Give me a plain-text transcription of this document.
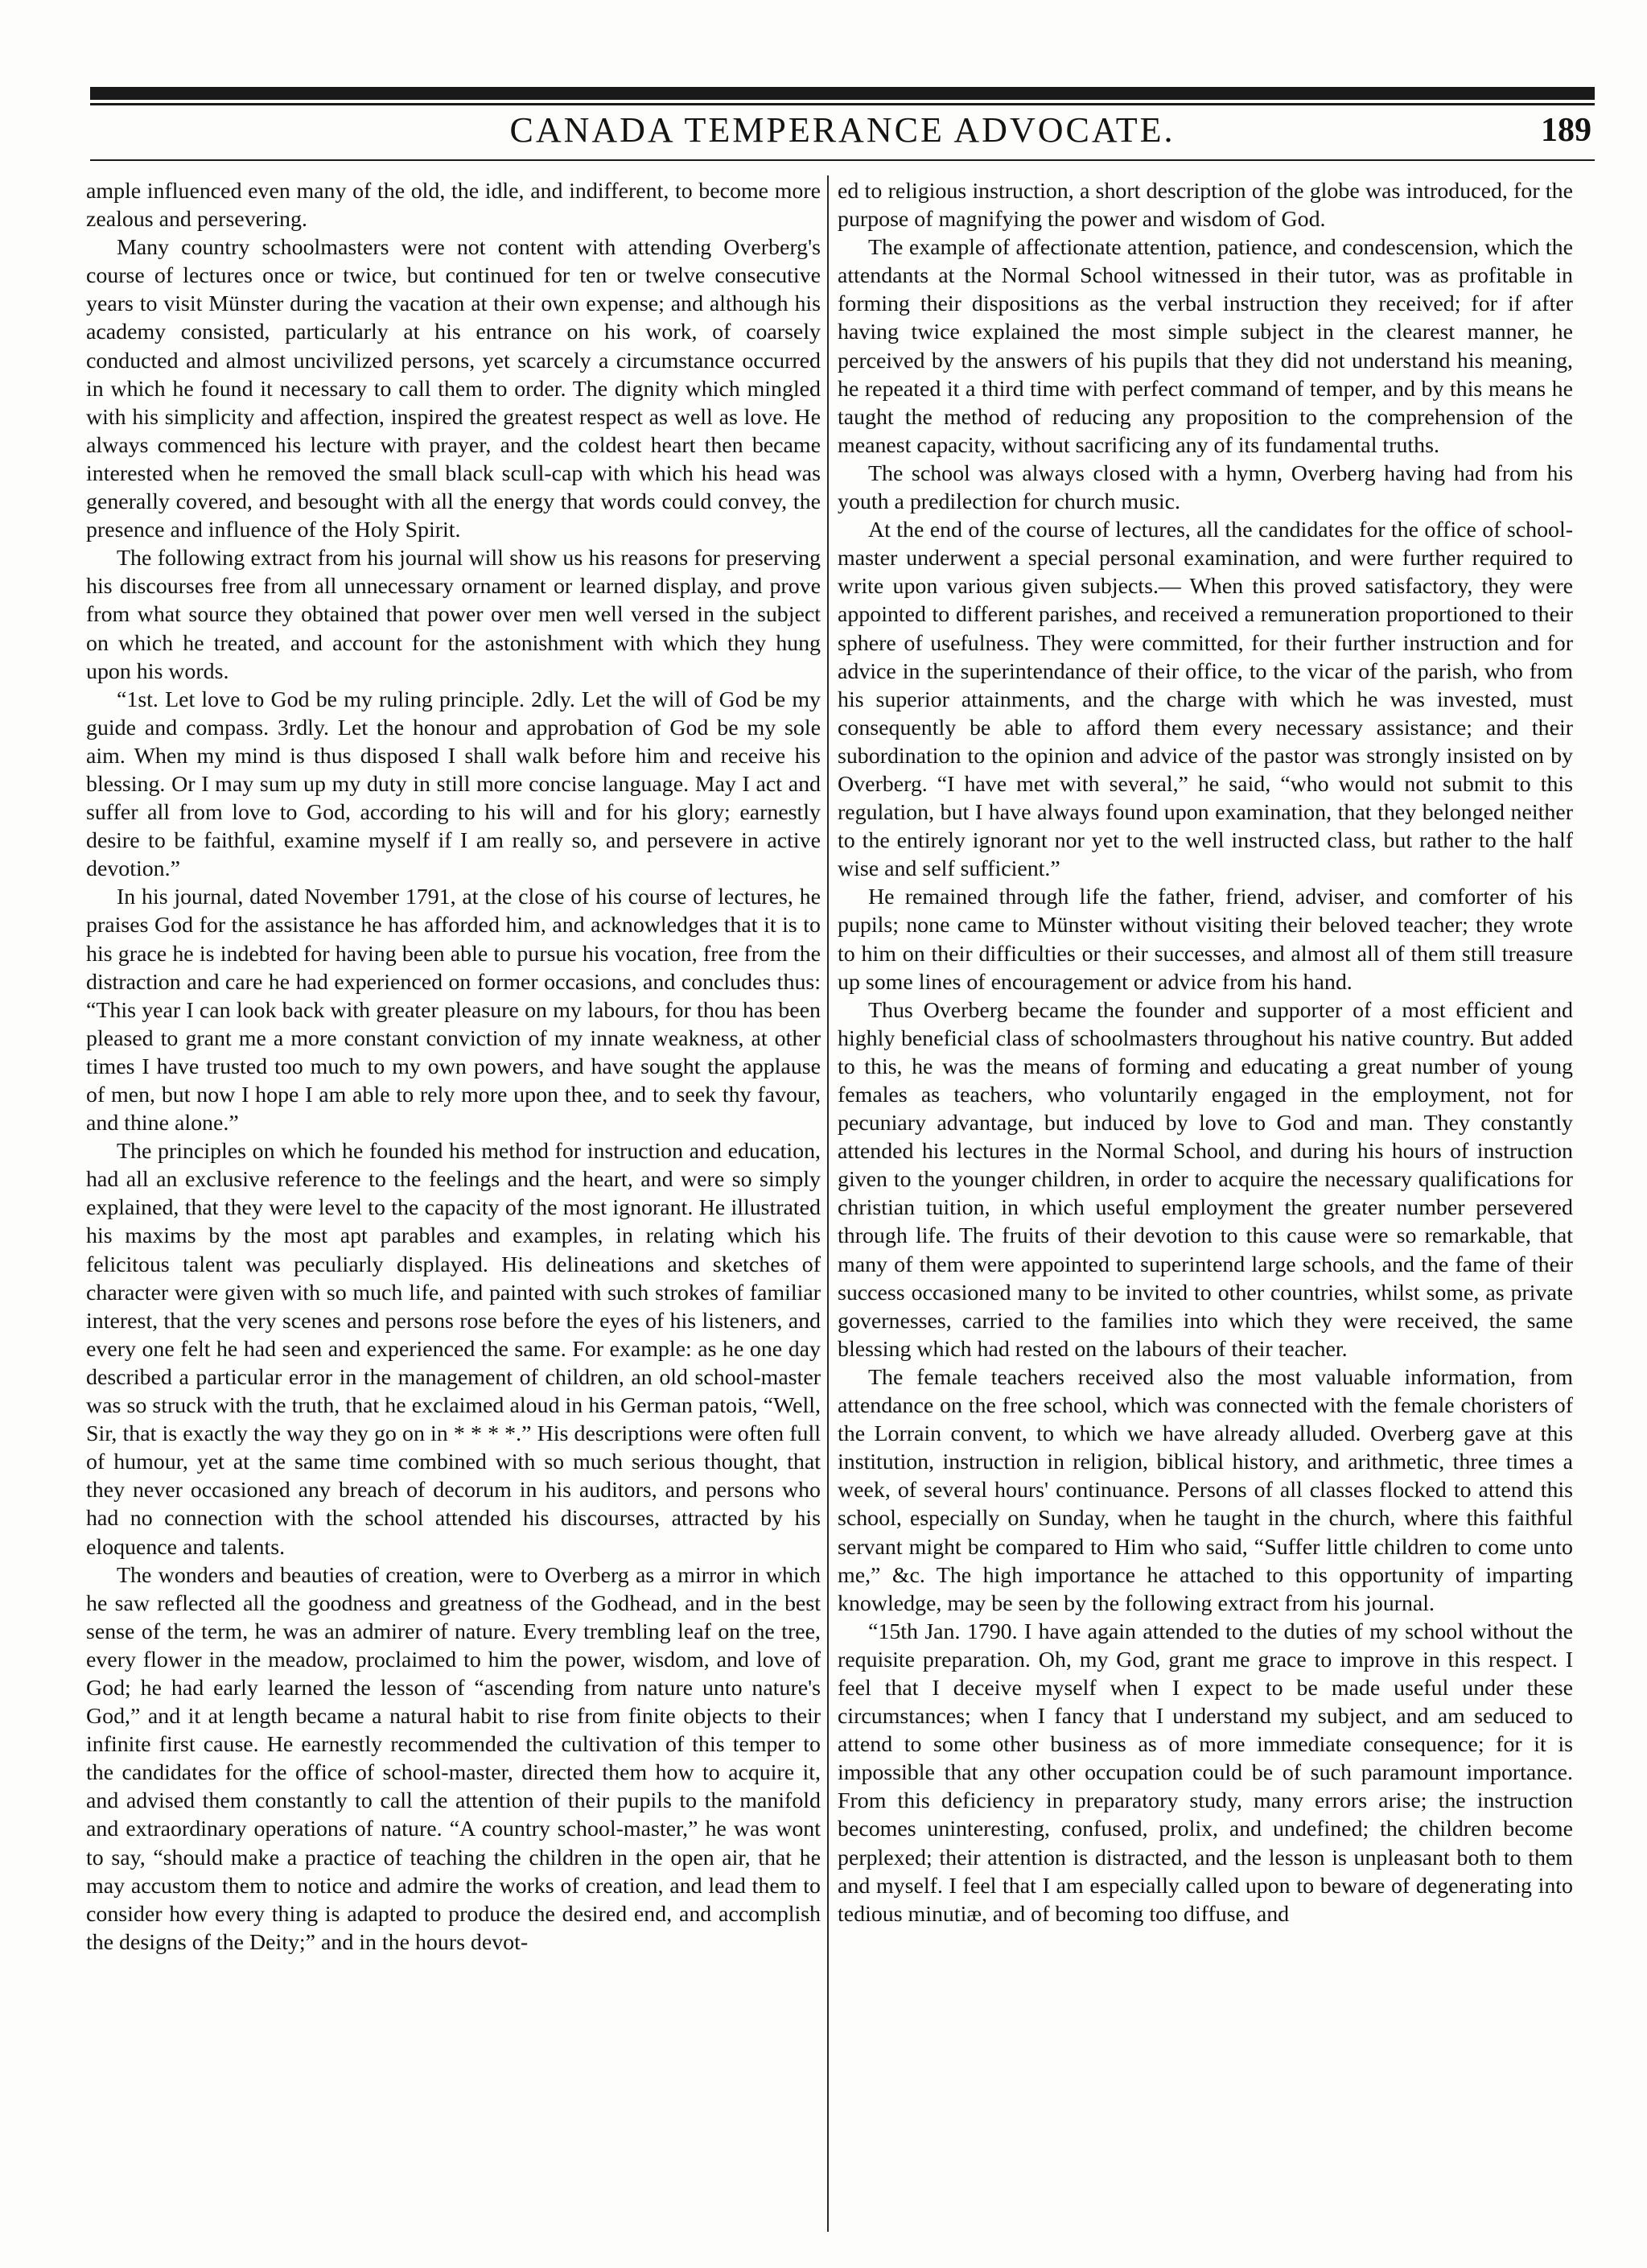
CANADA TEMPERANCE ADVOCATE.	189

ample influenced even many of the old, the idle, and indifferent, to become more zealous and persevering.

Many country schoolmasters were not content with attending Overberg's course of lectures once or twice, but continued for ten or twelve consecutive years to visit Münster during the vacation at their own expense; and although his academy consisted, particularly at his entrance on his work, of coarsely conducted and almost uncivilized persons, yet scarcely a circumstance occurred in which he found it necessary to call them to order. The dignity which mingled with his simplicity and affection, inspired the greatest respect as well as love. He always commenced his lecture with prayer, and the coldest heart then became interested when he removed the small black scull-cap with which his head was generally covered, and besought with all the energy that words could convey, the presence and influence of the Holy Spirit.

The following extract from his journal will show us his reasons for preserving his discourses free from all unnecessary ornament or learned display, and prove from what source they obtained that power over men well versed in the subject on which he treated, and account for the astonishment with which they hung upon his words.

“1st. Let love to God be my ruling principle. 2dly. Let the will of God be my guide and compass. 3rdly. Let the honour and approbation of God be my sole aim. When my mind is thus disposed I shall walk before him and receive his blessing. Or I may sum up my duty in still more concise language. May I act and suffer all from love to God, according to his will and for his glory; earnestly desire to be faithful, examine myself if I am really so, and persevere in active devotion.”

In his journal, dated November 1791, at the close of his course of lectures, he praises God for the assistance he has afforded him, and acknowledges that it is to his grace he is indebted for having been able to pursue his vocation, free from the distraction and care he had experienced on former occasions, and concludes thus: “This year I can look back with greater pleasure on my labours, for thou has been pleased to grant me a more constant conviction of my innate weakness, at other times I have trusted too much to my own powers, and have sought the applause of men, but now I hope I am able to rely more upon thee, and to seek thy favour, and thine alone.”

The principles on which he founded his method for instruction and education, had all an exclusive reference to the feelings and the heart, and were so simply explained, that they were level to the capacity of the most ignorant. He illustrated his maxims by the most apt parables and examples, in relating which his felicitous talent was peculiarly displayed. His delineations and sketches of character were given with so much life, and painted with such strokes of familiar interest, that the very scenes and persons rose before the eyes of his listeners, and every one felt he had seen and experienced the same. For example: as he one day described a particular error in the management of children, an old school-master was so struck with the truth, that he exclaimed aloud in his German patois, “Well, Sir, that is exactly the way they go on in * * * *.” His descriptions were often full of humour, yet at the same time combined with so much serious thought, that they never occasioned any breach of decorum in his auditors, and persons who had no connection with the school attended his discourses, attracted by his eloquence and talents.

The wonders and beauties of creation, were to Overberg as a mirror in which he saw reflected all the goodness and greatness of the Godhead, and in the best sense of the term, he was an admirer of nature. Every trembling leaf on the tree, every flower in the meadow, proclaimed to him the power, wisdom, and love of God; he had early learned the lesson of “ascending from nature unto nature's God,” and it at length became a natural habit to rise from finite objects to their infinite first cause. He earnestly recommended the cultivation of this temper to the candidates for the office of school-master, directed them how to acquire it, and advised them constantly to call the attention of their pupils to the manifold and extraordinary operations of nature. “A country school-master,” he was wont to say, “should make a practice of teaching the children in the open air, that he may accustom them to notice and admire the works of creation, and lead them to consider how every thing is adapted to produce the desired end, and accomplish the designs of the Deity;” and in the hours devot-

ed to religious instruction, a short description of the globe was introduced, for the purpose of magnifying the power and wisdom of God.

The example of affectionate attention, patience, and condescension, which the attendants at the Normal School witnessed in their tutor, was as profitable in forming their dispositions as the verbal instruction they received; for if after having twice explained the most simple subject in the clearest manner, he perceived by the answers of his pupils that they did not understand his meaning, he repeated it a third time with perfect command of temper, and by this means he taught the method of reducing any proposition to the comprehension of the meanest capacity, without sacrificing any of its fundamental truths.

The school was always closed with a hymn, Overberg having had from his youth a predilection for church music.

At the end of the course of lectures, all the candidates for the office of school-master underwent a special personal examination, and were further required to write upon various given subjects.— When this proved satisfactory, they were appointed to different parishes, and received a remuneration proportioned to their sphere of usefulness. They were committed, for their further instruction and for advice in the superintendance of their office, to the vicar of the parish, who from his superior attainments, and the charge with which he was invested, must consequently be able to afford them every necessary assistance; and their subordination to the opinion and advice of the pastor was strongly insisted on by Overberg. “I have met with several,” he said, “who would not submit to this regulation, but I have always found upon examination, that they belonged neither to the entirely ignorant nor yet to the well instructed class, but rather to the half wise and self sufficient.”

He remained through life the father, friend, adviser, and comforter of his pupils; none came to Münster without visiting their beloved teacher; they wrote to him on their difficulties or their successes, and almost all of them still treasure up some lines of encouragement or advice from his hand.

Thus Overberg became the founder and supporter of a most efficient and highly beneficial class of schoolmasters throughout his native country. But added to this, he was the means of forming and educating a great number of young females as teachers, who voluntarily engaged in the employment, not for pecuniary advantage, but induced by love to God and man. They constantly attended his lectures in the Normal School, and during his hours of instruction given to the younger children, in order to acquire the necessary qualifications for christian tuition, in which useful employment the greater number persevered through life. The fruits of their devotion to this cause were so remarkable, that many of them were appointed to superintend large schools, and the fame of their success occasioned many to be invited to other countries, whilst some, as private governesses, carried to the families into which they were received, the same blessing which had rested on the labours of their teacher.

The female teachers received also the most valuable information, from attendance on the free school, which was connected with the female choristers of the Lorrain convent, to which we have already alluded. Overberg gave at this institution, instruction in religion, biblical history, and arithmetic, three times a week, of several hours' continuance. Persons of all classes flocked to attend this school, especially on Sunday, when he taught in the church, where this faithful servant might be compared to Him who said, “Suffer little children to come unto me,” &c. The high importance he attached to this opportunity of imparting knowledge, may be seen by the following extract from his journal.

“15th Jan. 1790. I have again attended to the duties of my school without the requisite preparation. Oh, my God, grant me grace to improve in this respect. I feel that I deceive myself when I expect to be made useful under these circumstances; when I fancy that I understand my subject, and am seduced to attend to some other business as of more immediate consequence; for it is impossible that any other occupation could be of such paramount importance. From this deficiency in preparatory study, many errors arise; the instruction becomes uninteresting, confused, prolix, and undefined; the children become perplexed; their attention is distracted, and the lesson is unpleasant both to them and myself. I feel that I am especially called upon to beware of degenerating into tedious minutiæ, and of becoming too diffuse, and
